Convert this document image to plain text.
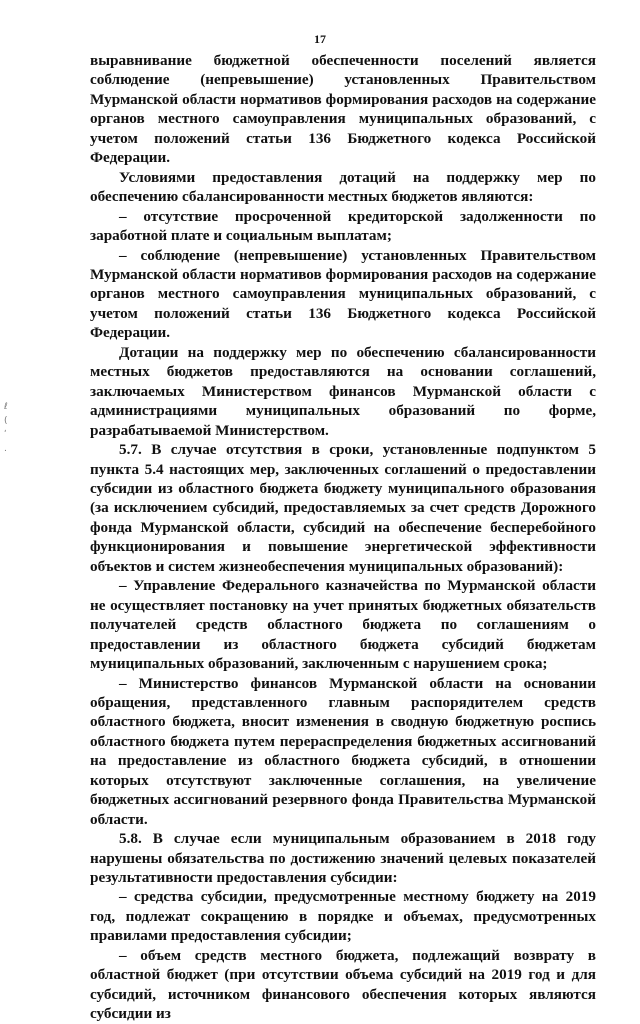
17

выравнивание бюджетной обеспеченности поселений является соблюдение (непревышение) установленных Правительством Мурманской области нормативов формирования расходов на содержание органов местного самоуправления муниципальных образований, с учетом положений статьи 136 Бюджетного кодекса Российской Федерации.

Условиями предоставления дотаций на поддержку мер по обеспечению сбалансированности местных бюджетов являются:

– отсутствие просроченной кредиторской задолженности по заработной плате и социальным выплатам;

– соблюдение (непревышение) установленных Правительством Мурманской области нормативов формирования расходов на содержание органов местного самоуправления муниципальных образований, с учетом положений статьи 136 Бюджетного кодекса Российской Федерации.

Дотации на поддержку мер по обеспечению сбалансированности местных бюджетов предоставляются на основании соглашений, заключаемых Министерством финансов Мурманской области с администрациями муниципальных образований по форме, разрабатываемой Министерством.

5.7. В случае отсутствия в сроки, установленные подпунктом 5 пункта 5.4 настоящих мер, заключенных соглашений о предоставлении субсидии из областного бюджета бюджету муниципального образования (за исключением субсидий, предоставляемых за счет средств Дорожного фонда Мурманской области, субсидий на обеспечение бесперебойного функционирования и повышение энергетической эффективности объектов и систем жизнеобеспечения муниципальных образований):

– Управление Федерального казначейства по Мурманской области не осуществляет постановку на учет принятых бюджетных обязательств получателей средств областного бюджета по соглашениям о предоставлении из областного бюджета субсидий бюджетам муниципальных образований, заключенным с нарушением срока;

– Министерство финансов Мурманской области на основании обращения, представленного главным распорядителем средств областного бюджета, вносит изменения в сводную бюджетную роспись областного бюджета путем перераспределения бюджетных ассигнований на предоставление из областного бюджета субсидий, в отношении которых отсутствуют заключенные соглашения, на увеличение бюджетных ассигнований резервного фонда Правительства Мурманской области.

5.8. В случае если муниципальным образованием в 2018 году нарушены обязательства по достижению значений целевых показателей результативности предоставления субсидии:

– средства субсидии, предусмотренные местному бюджету на 2019 год, подлежат сокращению в порядке и объемах, предусмотренных правилами предоставления субсидии;

– объем средств местного бюджета, подлежащий возврату в областной бюджет (при отсутствии объема субсидий на 2019 год и для субсидий, источником финансового обеспечения которых являются субсидии из

ℓ
(
ʹ
.
